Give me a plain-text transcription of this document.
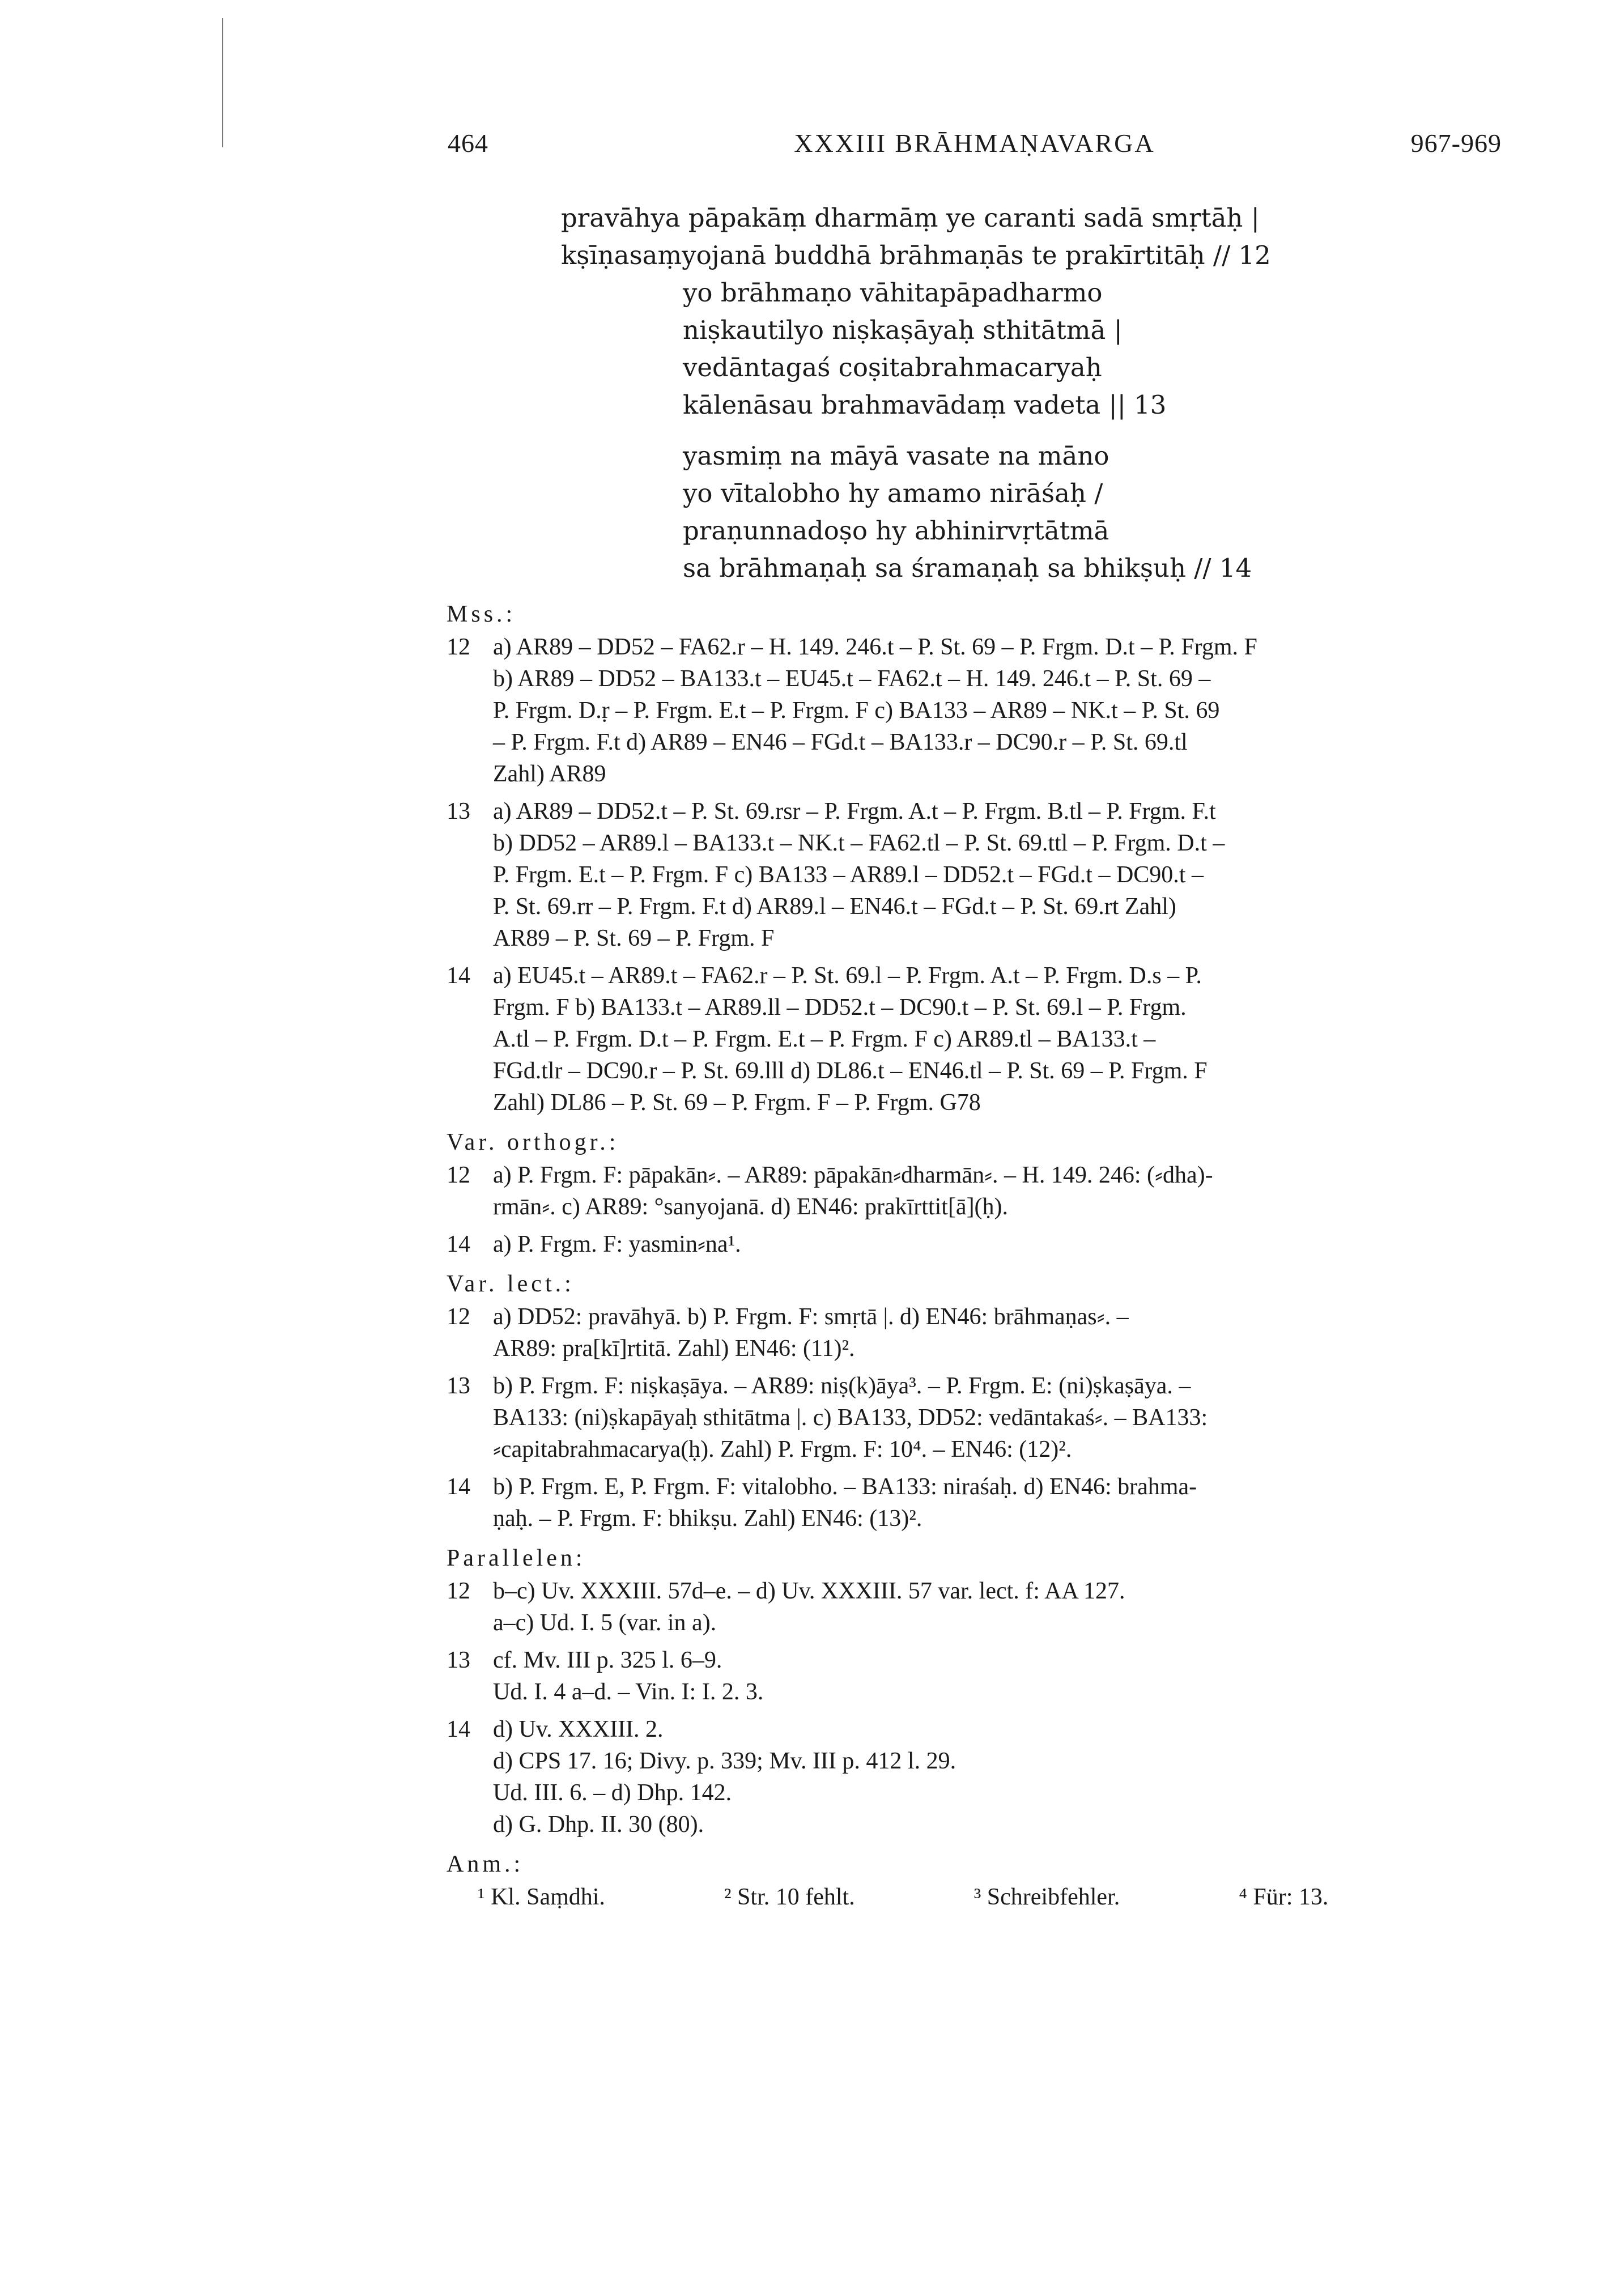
464	XXXIII BRĀHMAṆAVARGA	967-969
pravāhya pāpakāṃ dharmāṃ ye caranti sadā smṛtāḥ |
kṣīṇasaṃyojanā buddhā brāhmaṇās te prakīrtitāḥ // 12
yo brāhmaṇo vāhitapāpadharmo
niṣkautilyo niṣkaṣāyaḥ sthitātmā |
vedāntagaś coṣitabrahmacaryaḥ
kālenāsau brahmavādaṃ vadeta || 13
yasmiṃ na māyā vasate na māno
yo vītalobho hy amamo nirāśaḥ /
praṇunnadoṣo hy abhinirvṛtātmā
sa brāhmaṇaḥ sa śramaṇaḥ sa bhikṣuḥ // 14
Mss.:
12 a) AR89 – DD52 – FA62.r – H. 149. 246.t – P. St. 69 – P. Frgm. D.t – P. Frgm. F
b) AR89 – DD52 – BA133.t – EU45.t – FA62.t – H. 149. 246.t – P. St. 69 –
P. Frgm. D.ṛ – P. Frgm. E.t – P. Frgm. F c) BA133 – AR89 – NK.t – P. St. 69
– P. Frgm. F.t d) AR89 – EN46 – FGd.t – BA133.r – DC90.r – P. St. 69.tl
Zahl) AR89
13 a) AR89 – DD52.t – P. St. 69.rsr – P. Frgm. A.t – P. Frgm. B.tl – P. Frgm. F.t
b) DD52 – AR89.l – BA133.t – NK.t – FA62.tl – P. St. 69.ttl – P. Frgm. D.t –
P. Frgm. E.t – P. Frgm. F c) BA133 – AR89.l – DD52.t – FGd.t – DC90.t –
P. St. 69.rr – P. Frgm. F.t d) AR89.l – EN46.t – FGd.t – P. St. 69.rt Zahl)
AR89 – P. St. 69 – P. Frgm. F
14 a) EU45.t – AR89.t – FA62.r – P. St. 69.l – P. Frgm. A.t – P. Frgm. D.s – P.
Frgm. F b) BA133.t – AR89.ll – DD52.t – DC90.t – P. St. 69.l – P. Frgm.
A.tl – P. Frgm. D.t – P. Frgm. E.t – P. Frgm. F c) AR89.tl – BA133.t –
FGd.tlr – DC90.r – P. St. 69.lll d) DL86.t – EN46.tl – P. St. 69 – P. Frgm. F
Zahl) DL86 – P. St. 69 – P. Frgm. F – P. Frgm. G78
Var. orthogr.:
12 a) P. Frgm. F: pāpakān⸗. – AR89: pāpakān⸗dharmān⸗. – H. 149. 246: (⸗dha)-
rmān⸗. c) AR89: °sanyojanā. d) EN46: prakīrttit[ā](ḥ).
14 a) P. Frgm. F: yasmin⸗na¹.
Var. lect.:
12 a) DD52: pravāhyā. b) P. Frgm. F: smṛtā |. d) EN46: brāhmaṇas⸗. –
AR89: pra[kī]rtitā. Zahl) EN46: (11)².
13 b) P. Frgm. F: niṣkaṣāya. – AR89: niṣ(k)āya³. – P. Frgm. E: (ni)ṣkaṣāya. –
BA133: (ni)ṣkapāyaḥ sthitātma |. c) BA133, DD52: vedāntakaś⸗. – BA133:
⸗capitabrahmacarya(ḥ). Zahl) P. Frgm. F: 10⁴. – EN46: (12)².
14 b) P. Frgm. E, P. Frgm. F: vitalobho. – BA133: niraśaḥ. d) EN46: brahma-
ṇaḥ. – P. Frgm. F: bhikṣu. Zahl) EN46: (13)².
Parallelen:
12 b–c) Uv. XXXIII. 57d–e. – d) Uv. XXXIII. 57 var. lect. f: AA 127.
a–c) Ud. I. 5 (var. in a).
13 cf. Mv. III p. 325 l. 6–9.
Ud. I. 4 a–d. – Vin. I: I. 2. 3.
14 d) Uv. XXXIII. 2.
d) CPS 17. 16; Divy. p. 339; Mv. III p. 412 l. 29.
Ud. III. 6. – d) Dhp. 142.
d) G. Dhp. II. 30 (80).
Anm.:
¹ Kl. Saṃdhi.	² Str. 10 fehlt.	³ Schreibfehler.	⁴ Für: 13.
